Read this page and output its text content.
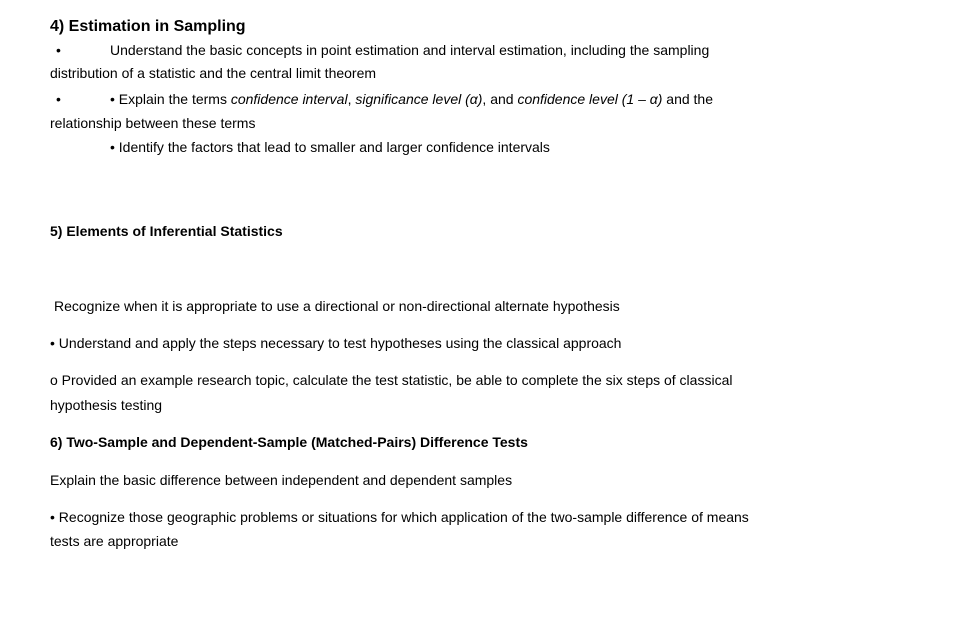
4) Estimation in Sampling
•	Understand the basic concepts in point estimation and interval estimation, including the sampling
distribution of a statistic and the central limit theorem
•	• Explain the terms confidence interval, significance level (α), and confidence level (1 – α) and the
relationship between these terms
• Identify the factors that lead to smaller and larger confidence intervals
5) Elements of Inferential Statistics
Recognize when it is appropriate to use a directional or non-directional alternate hypothesis
• Understand and apply the steps necessary to test hypotheses using the classical approach
o Provided an example research topic, calculate the test statistic, be able to complete the six steps of classical
hypothesis testing
6) Two-Sample and Dependent-Sample (Matched-Pairs) Difference Tests
Explain the basic difference between independent and dependent samples
• Recognize those geographic problems or situations for which application of the two-sample difference of means
tests are appropriate
